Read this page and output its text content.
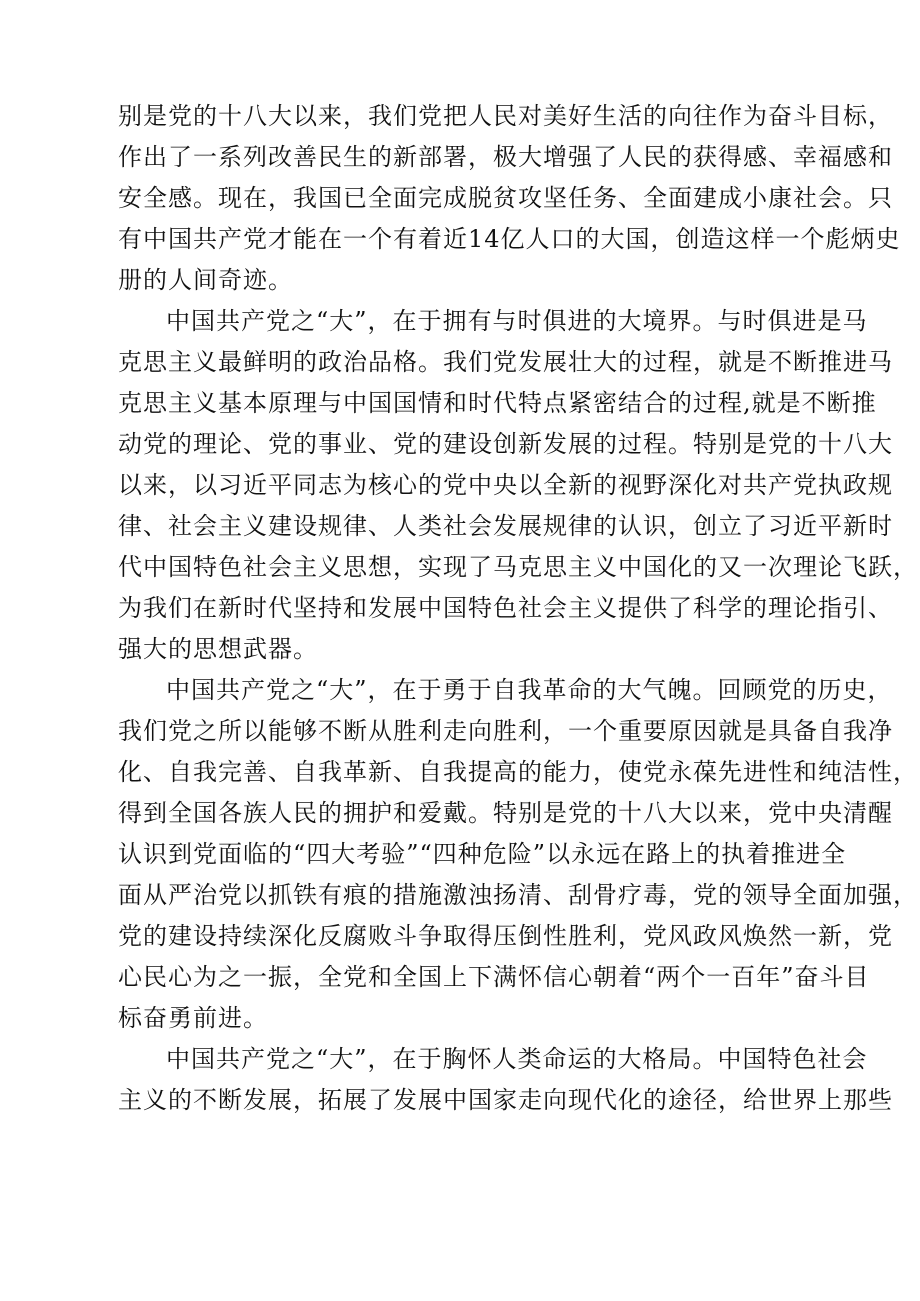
别是党的十八大以来，我们党把人民对美好生活的向往作为奋斗目标，
作出了一系列改善民生的新部署，极大增强了人民的获得感、幸福感和
安全感。现在，我国已全面完成脱贫攻坚任务、全面建成小康社会。只
有中国共产党才能在一个有着近14亿人口的大国，创造这样一个彪炳史
册的人间奇迹。
中国共产党之“大”，在于拥有与时俱进的大境界。与时俱进是马
克思主义最鲜明的政治品格。我们党发展壮大的过程，就是不断推进马
克思主义基本原理与中国国情和时代特点紧密结合的过程,就是不断推
动党的理论、党的事业、党的建设创新发展的过程。特别是党的十八大
以来，以习近平同志为核心的党中央以全新的视野深化对共产党执政规
律、社会主义建设规律、人类社会发展规律的认识，创立了习近平新时
代中国特色社会主义思想，实现了马克思主义中国化的又一次理论飞跃，
为我们在新时代坚持和发展中国特色社会主义提供了科学的理论指引、
强大的思想武器。
中国共产党之“大”，在于勇于自我革命的大气魄。回顾党的历史，
我们党之所以能够不断从胜利走向胜利，一个重要原因就是具备自我净
化、自我完善、自我革新、自我提高的能力，使党永葆先进性和纯洁性，
得到全国各族人民的拥护和爱戴。特别是党的十八大以来，党中央清醒
认识到党面临的“四大考验”“四种危险”以永远在路上的执着推进全
面从严治党以抓铁有痕的措施激浊扬清、刮骨疗毒，党的领导全面加强，
党的建设持续深化反腐败斗争取得压倒性胜利，党风政风焕然一新，党
心民心为之一振，全党和全国上下满怀信心朝着“两个一百年”奋斗目
标奋勇前进。
中国共产党之“大”，在于胸怀人类命运的大格局。中国特色社会
主义的不断发展，拓展了发展中国家走向现代化的途径，给世界上那些
